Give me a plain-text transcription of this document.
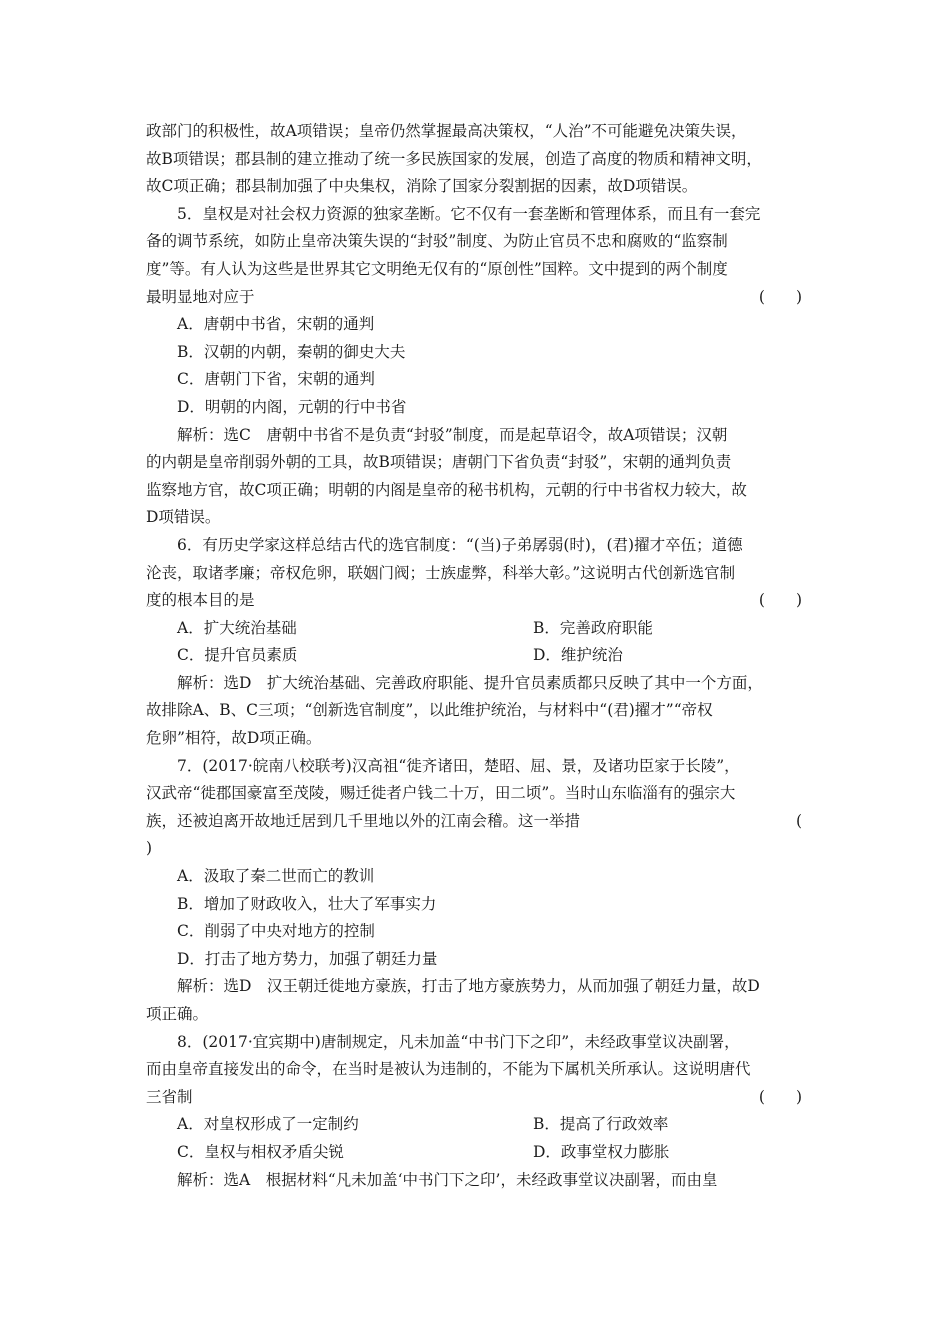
政部门的积极性，故A项错误；皇帝仍然掌握最高决策权，“人治”不可能避免决策失误，

故B项错误；郡县制的建立推动了统一多民族国家的发展，创造了高度的物质和精神文明，

故C项正确；郡县制加强了中央集权，消除了国家分裂割据的因素，故D项错误。

5．皇权是对社会权力资源的独家垄断。它不仅有一套垄断和管理体系，而且有一套完

备的调节系统，如防止皇帝决策失误的“封驳”制度、为防止官员不忠和腐败的“监察制

度”等。有人认为这些是世界其它文明绝无仅有的“原创性”国粹。文中提到的两个制度

最明显地对应于	(　　)

A．唐朝中书省，宋朝的通判

B．汉朝的内朝，秦朝的御史大夫

C．唐朝门下省，宋朝的通判

D．明朝的内阁，元朝的行中书省

解析：选C　唐朝中书省不是负责“封驳”制度，而是起草诏令，故A项错误；汉朝

的内朝是皇帝削弱外朝的工具，故B项错误；唐朝门下省负责“封驳”，宋朝的通判负责

监察地方官，故C项正确；明朝的内阁是皇帝的秘书机构，元朝的行中书省权力较大，故

D项错误。

6．有历史学家这样总结古代的选官制度：“(当)子弟孱弱(时)，(君)擢才卒伍；道德

沦丧，取诸孝廉；帝权危卵，联姻门阀；士族虚弊，科举大彰。”这说明古代创新选官制

度的根本目的是	(　　)

A．扩大统治基础	B．完善政府职能
C．提升官员素质	D．维护统治

解析：选D　扩大统治基础、完善政府职能、提升官员素质都只反映了其中一个方面，

故排除A、B、C三项；“创新选官制度”，以此维护统治，与材料中“(君)擢才”“帝权

危卵”相符，故D项正确。

7．(2017·皖南八校联考)汉高祖“徙齐诸田，楚昭、屈、景，及诸功臣家于长陵”，

汉武帝“徙郡国豪富至茂陵，赐迁徙者户钱二十万，田二顷”。当时山东临淄有的强宗大

族，还被迫离开故地迁居到几千里地以外的江南会稽。这一举措	(

)

A．汲取了秦二世而亡的教训

B．增加了财政收入，壮大了军事实力

C．削弱了中央对地方的控制

D．打击了地方势力，加强了朝廷力量

解析：选D　汉王朝迁徙地方豪族，打击了地方豪族势力，从而加强了朝廷力量，故D

项正确。

8．(2017·宜宾期中)唐制规定，凡未加盖“中书门下之印”，未经政事堂议决副署，

而由皇帝直接发出的命令，在当时是被认为违制的，不能为下属机关所承认。这说明唐代

三省制	(　　)

A．对皇权形成了一定制约	B．提高了行政效率
C．皇权与相权矛盾尖锐	D．政事堂权力膨胀

解析：选A　根据材料“凡未加盖‘中书门下之印’，未经政事堂议决副署，而由皇
